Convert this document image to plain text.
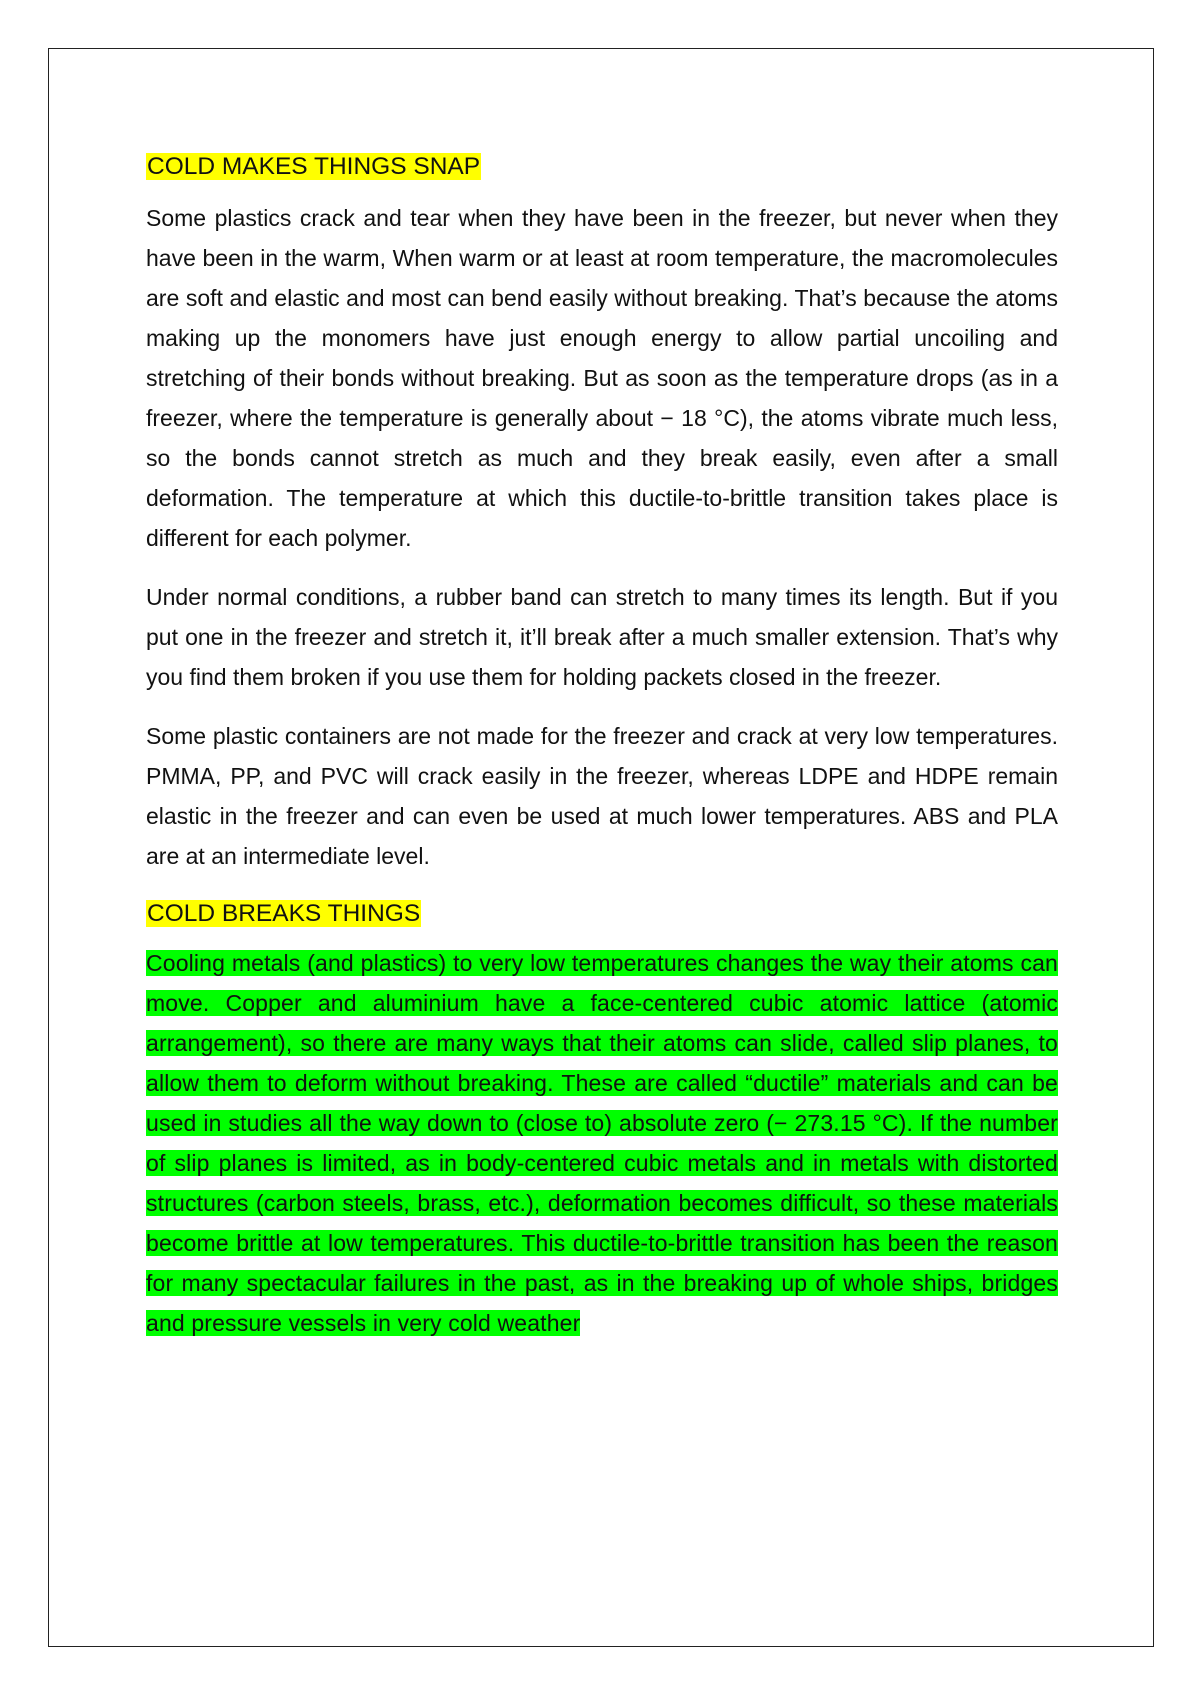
COLD MAKES THINGS SNAP

Some plastics crack and tear when they have been in the freezer, but never when they have been in the warm, When warm or at least at room temperature, the macromolecules are soft and elastic and most can bend easily without breaking. That’s because the atoms making up the monomers have just enough energy to allow partial uncoiling and stretching of their bonds without breaking. But as soon as the temperature drops (as in a freezer, where the temperature is generally about − 18 °C), the atoms vibrate much less, so the bonds cannot stretch as much and they break easily, even after a small deformation. The temperature at which this ductile-to-brittle transition takes place is different for each polymer.

Under normal conditions, a rubber band can stretch to many times its length. But if you put one in the freezer and stretch it, it’ll break after a much smaller extension. That’s why you find them broken if you use them for holding packets closed in the freezer.

Some plastic containers are not made for the freezer and crack at very low temperatures. PMMA, PP, and PVC will crack easily in the freezer, whereas LDPE and HDPE remain elastic in the freezer and can even be used at much lower temperatures. ABS and PLA are at an intermediate level.

COLD BREAKS THINGS

Cooling metals (and plastics) to very low temperatures changes the way their atoms can move. Copper and aluminium have a face-centered cubic atomic lattice (atomic arrangement), so there are many ways that their atoms can slide, called slip planes, to allow them to deform without breaking. These are called “ductile” materials and can be used in studies all the way down to (close to) absolute zero (− 273.15 °C). If the number of slip planes is limited, as in body-centered cubic metals and in metals with distorted structures (carbon steels, brass, etc.), deformation becomes difficult, so these materials become brittle at low temperatures. This ductile-to-brittle transition has been the reason for many spectacular failures in the past, as in the breaking up of whole ships, bridges and pressure vessels in very cold weather
